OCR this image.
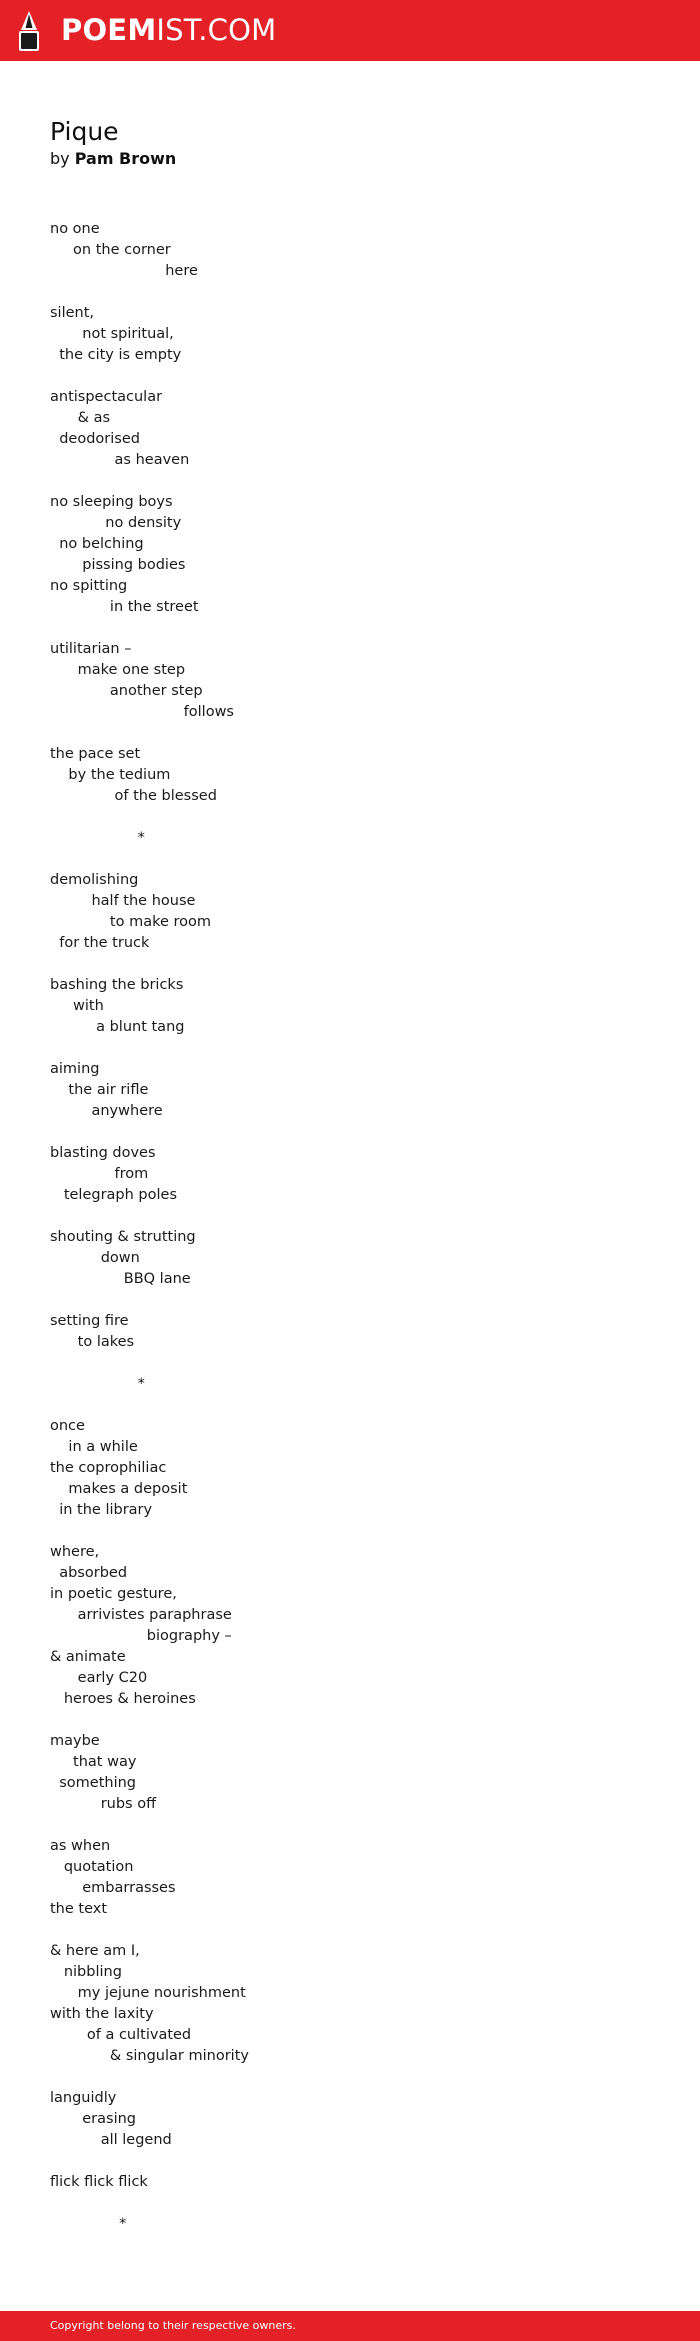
POEMIST.COM
Pique
by Pam Brown
no one
on the corner
here
silent,
not spiritual,
the city is empty
antispectacular
& as
deodorised
as heaven
no sleeping boys
no density
no belching
pissing bodies
no spitting
in the street
utilitarian –
make one step
another step
follows
the pace set
by the tedium
of the blessed
*
demolishing
half the house
to make room
for the truck
bashing the bricks
with
a blunt tang
aiming
the air rifle
anywhere
blasting doves
from
telegraph poles
shouting & strutting
down
BBQ lane
setting fire
to lakes
*
once
in a while
the coprophiliac
makes a deposit
in the library
where,
absorbed
in poetic gesture,
arrivistes paraphrase
biography –
& animate
early C20
heroes & heroines
maybe
that way
something
rubs off
as when
quotation
embarrasses
the text
& here am I,
nibbling
my jejune nourishment
with the laxity
of a cultivated
& singular minority
languidly
erasing
all legend
flick flick flick
*
Copyright belong to their respective owners.
